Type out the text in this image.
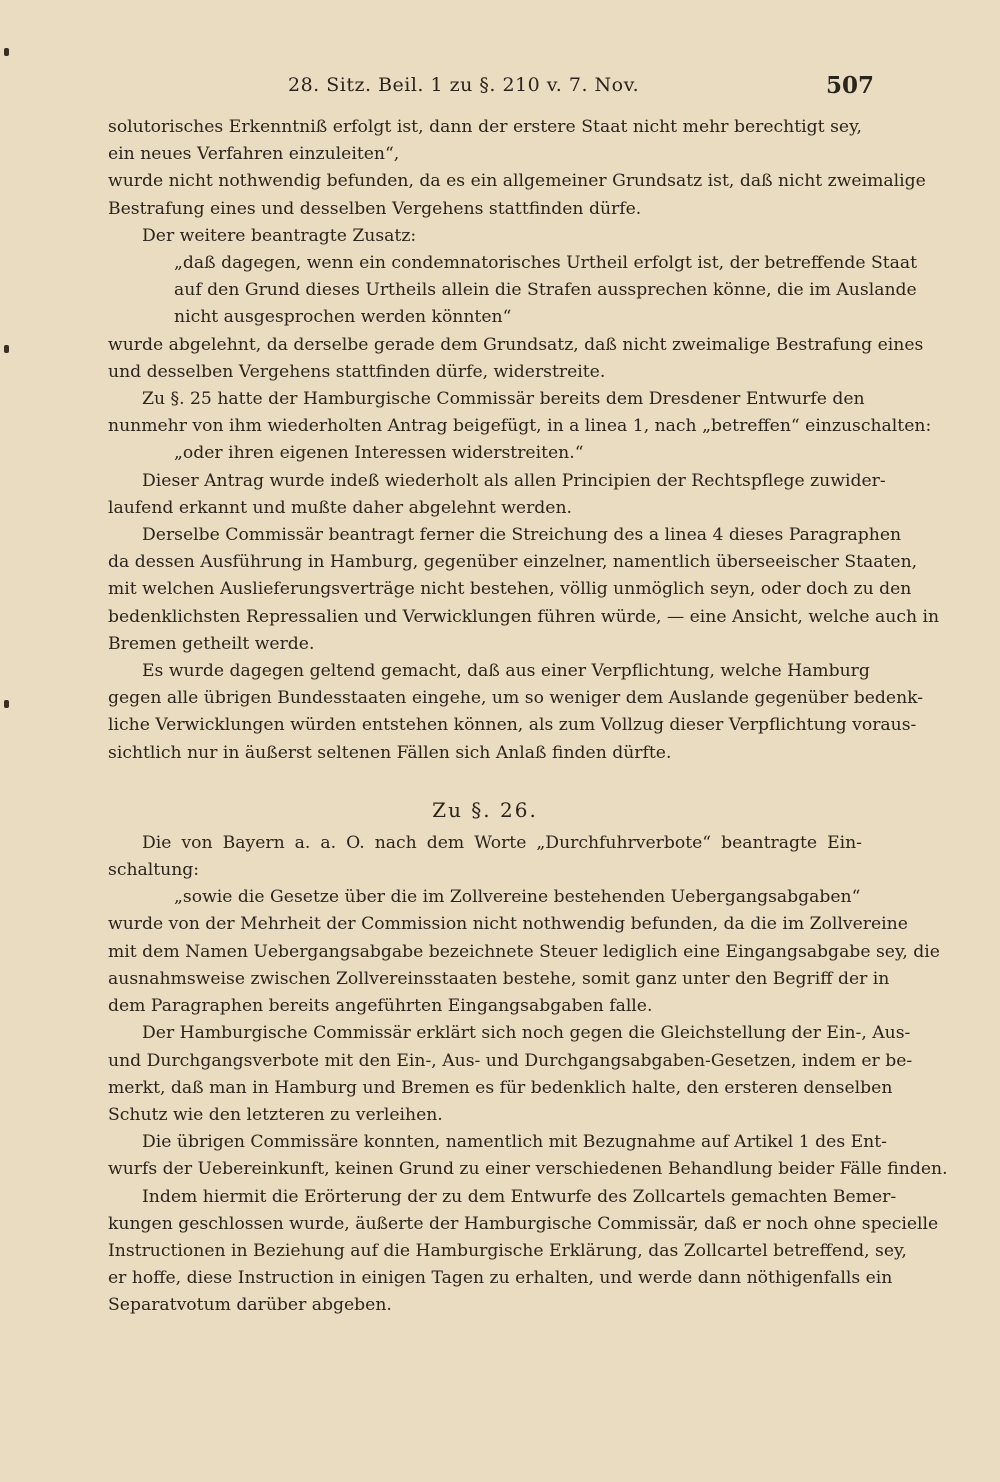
28. Sitz. Beil. 1 zu §. 210 v. 7. Nov.	507
solutorisches Erkenntniß erfolgt ist, dann der erstere Staat nicht mehr berechtigt sey,
ein neues Verfahren einzuleiten“,
wurde nicht nothwendig befunden, da es ein allgemeiner Grundsatz ist, daß nicht zweimalige
Bestrafung eines und desselben Vergehens stattfinden dürfe.
Der weitere beantragte Zusatz:
„daß dagegen, wenn ein condemnatorisches Urtheil erfolgt ist, der betreffende Staat
auf den Grund dieses Urtheils allein die Strafen aussprechen könne, die im Auslande
nicht ausgesprochen werden könnten“
wurde abgelehnt, da derselbe gerade dem Grundsatz, daß nicht zweimalige Bestrafung eines
und desselben Vergehens stattfinden dürfe, widerstreite.
Zu §. 25 hatte der Hamburgische Commissär bereits dem Dresdener Entwurfe den
nunmehr von ihm wiederholten Antrag beigefügt, in a linea 1, nach „betreffen“ einzuschalten:
„oder ihren eigenen Interessen widerstreiten.“
Dieser Antrag wurde indeß wiederholt als allen Principien der Rechtspflege zuwider-
laufend erkannt und mußte daher abgelehnt werden.
Derselbe Commissär beantragt ferner die Streichung des a linea 4 dieses Paragraphen
da dessen Ausführung in Hamburg, gegenüber einzelner, namentlich überseeischer Staaten,
mit welchen Auslieferungsverträge nicht bestehen, völlig unmöglich seyn, oder doch zu den
bedenklichsten Repressalien und Verwicklungen führen würde, — eine Ansicht, welche auch in
Bremen getheilt werde.
Es wurde dagegen geltend gemacht, daß aus einer Verpflichtung, welche Hamburg
gegen alle übrigen Bundesstaaten eingehe, um so weniger dem Auslande gegenüber bedenk-
liche Verwicklungen würden entstehen können, als zum Vollzug dieser Verpflichtung voraus-
sichtlich nur in äußerst seltenen Fällen sich Anlaß finden dürfte.
Zu §. 26.
Die von Bayern a. a. O. nach dem Worte „Durchfuhrverbote“ beantragte Ein-
schaltung:
„sowie die Gesetze über die im Zollvereine bestehenden Uebergangsabgaben“
wurde von der Mehrheit der Commission nicht nothwendig befunden, da die im Zollvereine
mit dem Namen Uebergangsabgabe bezeichnete Steuer lediglich eine Eingangsabgabe sey, die
ausnahmsweise zwischen Zollvereinsstaaten bestehe, somit ganz unter den Begriff der in
dem Paragraphen bereits angeführten Eingangsabgaben falle.
Der Hamburgische Commissär erklärt sich noch gegen die Gleichstellung der Ein-, Aus-
und Durchgangsverbote mit den Ein-, Aus- und Durchgangsabgaben-Gesetzen, indem er be-
merkt, daß man in Hamburg und Bremen es für bedenklich halte, den ersteren denselben
Schutz wie den letzteren zu verleihen.
Die übrigen Commissäre konnten, namentlich mit Bezugnahme auf Artikel 1 des Ent-
wurfs der Uebereinkunft, keinen Grund zu einer verschiedenen Behandlung beider Fälle finden.
Indem hiermit die Erörterung der zu dem Entwurfe des Zollcartels gemachten Bemer-
kungen geschlossen wurde, äußerte der Hamburgische Commissär, daß er noch ohne specielle
Instructionen in Beziehung auf die Hamburgische Erklärung, das Zollcartel betreffend, sey,
er hoffe, diese Instruction in einigen Tagen zu erhalten, und werde dann nöthigenfalls ein
Separatvotum darüber abgeben.
